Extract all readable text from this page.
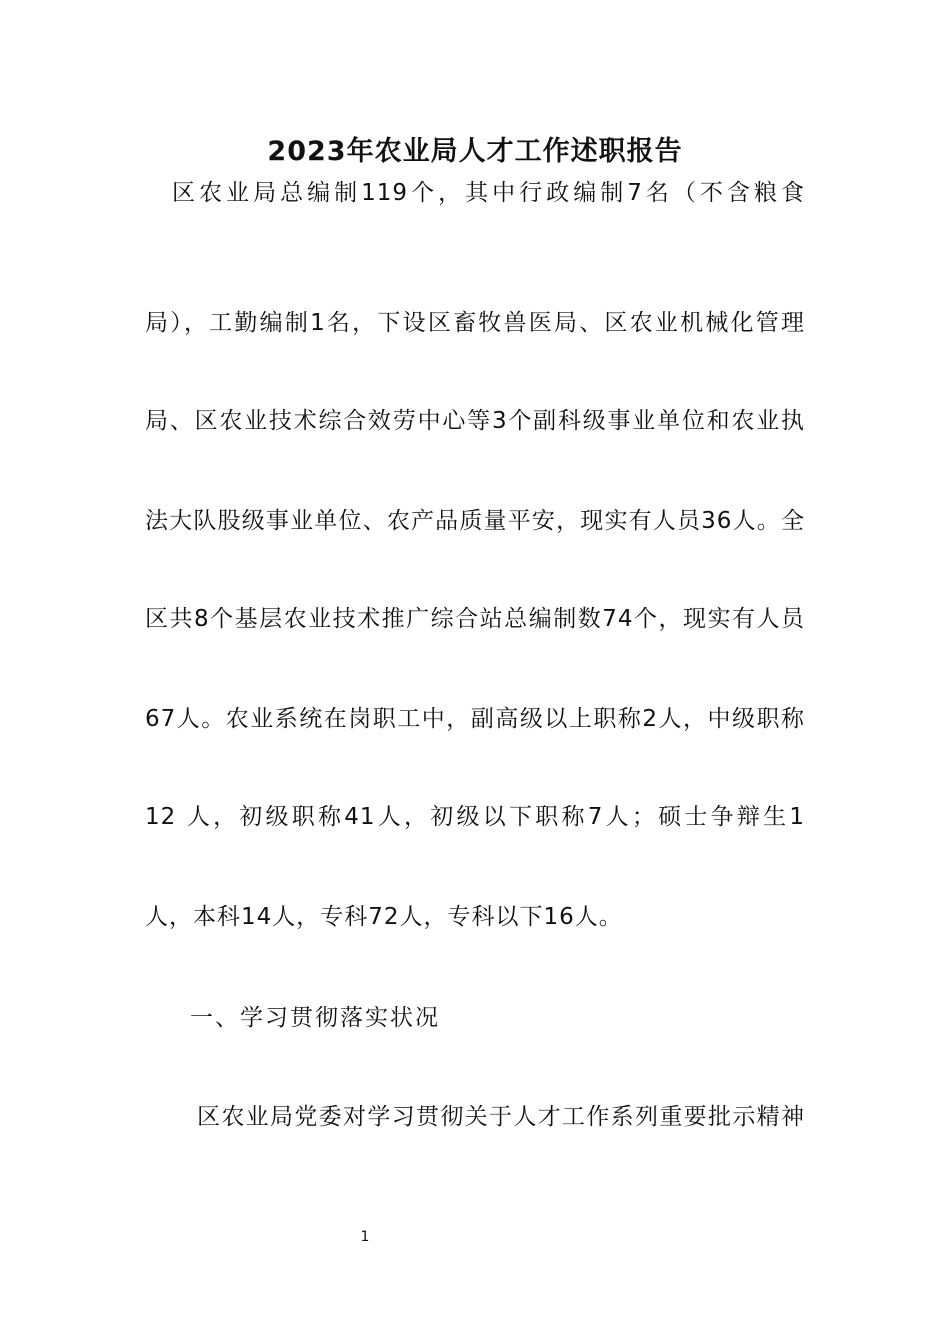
2023年农业局人才工作述职报告
　区农业局总编制119个，其中行政编制7名（不含粮食
局），工勤编制1名，下设区畜牧兽医局、区农业机械化管理
局、区农业技术综合效劳中心等3个副科级事业单位和农业执
法大队股级事业单位、农产品质量平安，现实有人员36人。全
区共8个基层农业技术推广综合站总编制数74个，现实有人员
67人。农业系统在岗职工中，副高级以上职称2人，中级职称
12 人，初级职称41人，初级以下职称7人；硕士争辩生1
人，本科14人，专科72人，专科以下16人。
一、学习贯彻落实状况
区农业局党委对学习贯彻关于人才工作系列重要批示精神
1
